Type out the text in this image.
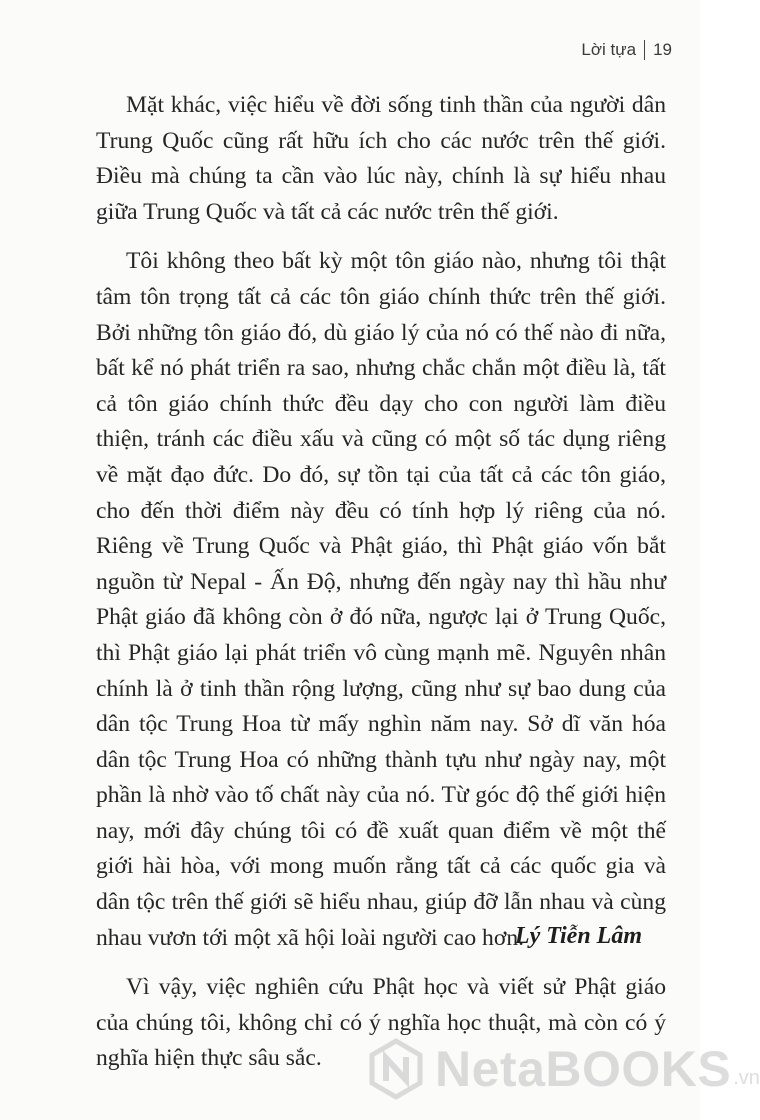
Lời tựa 19

Mặt khác, việc hiểu về đời sống tinh thần của người dân Trung Quốc cũng rất hữu ích cho các nước trên thế giới. Điều mà chúng ta cần vào lúc này, chính là sự hiểu nhau giữa Trung Quốc và tất cả các nước trên thế giới.

Tôi không theo bất kỳ một tôn giáo nào, nhưng tôi thật tâm tôn trọng tất cả các tôn giáo chính thức trên thế giới. Bởi những tôn giáo đó, dù giáo lý của nó có thế nào đi nữa, bất kể nó phát triển ra sao, nhưng chắc chắn một điều là, tất cả tôn giáo chính thức đều dạy cho con người làm điều thiện, tránh các điều xấu và cũng có một số tác dụng riêng về mặt đạo đức. Do đó, sự tồn tại của tất cả các tôn giáo, cho đến thời điểm này đều có tính hợp lý riêng của nó. Riêng về Trung Quốc và Phật giáo, thì Phật giáo vốn bắt nguồn từ Nepal - Ấn Độ, nhưng đến ngày nay thì hầu như Phật giáo đã không còn ở đó nữa, ngược lại ở Trung Quốc, thì Phật giáo lại phát triển vô cùng mạnh mẽ. Nguyên nhân chính là ở tinh thần rộng lượng, cũng như sự bao dung của dân tộc Trung Hoa từ mấy nghìn năm nay. Sở dĩ văn hóa dân tộc Trung Hoa có những thành tựu như ngày nay, một phần là nhờ vào tố chất này của nó. Từ góc độ thế giới hiện nay, mới đây chúng tôi có đề xuất quan điểm về một thế giới hài hòa, với mong muốn rằng tất cả các quốc gia và dân tộc trên thế giới sẽ hiểu nhau, giúp đỡ lẫn nhau và cùng nhau vươn tới một xã hội loài người cao hơn.

Vì vậy, việc nghiên cứu Phật học và viết sử Phật giáo của chúng tôi, không chỉ có ý nghĩa học thuật, mà còn có ý nghĩa hiện thực sâu sắc.

Lý Tiễn Lâm
NetaBOOKS .vn
